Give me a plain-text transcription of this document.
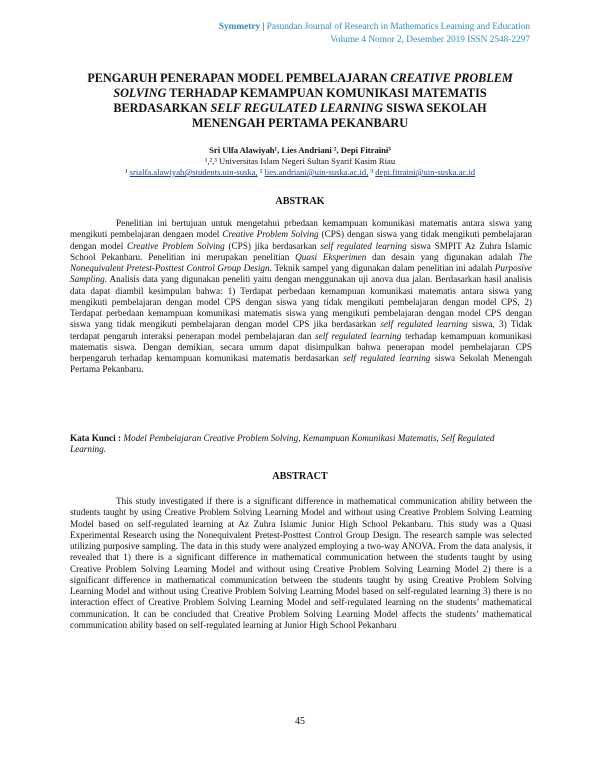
Symmetry | Pasundan Journal of Research in Mathematics Learning and Education
Volume 4 Nomor 2, Desember 2019 ISSN 2548-2297
PENGARUH PENERAPAN MODEL PEMBELAJARAN CREATIVE PROBLEM SOLVING TERHADAP KEMAMPUAN KOMUNIKASI MATEMATIS BERDASARKAN SELF REGULATED LEARNING SISWA SEKOLAH MENENGAH PERTAMA PEKANBARU
Sri Ulfa Alawiyah¹, Lies Andriani ², Depi Fitraini³
¹,²,³ Universitas Islam Negeri Sultan Syarif Kasim Riau
¹ srialfa.alawiyah@students.uin-suska, ² lies.andriani@uin-suska.ac.id, ³ depi.fitraini@uin-suska.ac.id
ABSTRAK
Penelitian ini bertujuan untuk mengetahui prbedaan kemampuan komunikasi matematis antara siswa yang mengikuti pembelajaran dengaen model Creative Problem Solving (CPS) dengan siswa yang tidak mengikuti pembelajaran dengan model Creative Problem Solving (CPS) jika berdasarkan self regulated learning siswa SMPIT Az Zuhra Islamic School Pekanbaru. Penelitian ini merupakan penelitian Quasi Eksperimen dan desain yang digunakan adalah The Nonequivalent Pretest-Posttest Control Group Design. Teknik sampel yang digunakan dalam penelitian ini adalah Purposive Sampling. Analisis data yang digunakan peneliti yaitu dengan menggunakan uji anova dua jalan. Berdasarkan hasil analisis data dapat diambil kesimpulan bahwa: 1) Terdapat perbedaan kemampuan komunikasi matematis antara siswa yang mengikuti pembelajaran dengan model CPS dengan siswa yang tidak mengikuti pembelajaran dengan model CPS, 2) Terdapat perbedaan kemampuan komunikasi matematis siswa yang mengikuti pembelajaran dengan model CPS dengan siswa yang tidak mengikuti pembelajaran dengan model CPS jika berdasarkan self regulated learning siswa, 3) Tidak terdapat pengaruh interaksi penerapan model pembelajaran dan self regulated learning terhadap kemampuan komunikasi matematis siswa. Dengan demikian, secara umum dapat disimpulkan bahwa penerapan model pembelajaran CPS berpengaruh terhadap kemampuan komunikasi matematis berdasarkan self regulated learning siswa Sekolah Menengah Pertama Pekanbaru.
Kata Kunci : Model Pembelajaran Creative Problem Solving, Kemampuan Komunikasi Matematis, Self Regulated Learning.
ABSTRACT
This study investigated if there is a significant difference in mathematical communication ability between the students taught by using Creative Problem Solving Learning Model and without using Creative Problem Solving Learning Model based on self-regulated learning at Az Zuhra Islamic Junior High School Pekanbaru. This study was a Quasi Experimental Research using the Nonequivalent Pretest-Posttest Control Group Design. The research sample was selected utilizing purposive sampling. The data in this study were analyzed employing a two-way ANOVA. From the data analysis, it revealed that 1) there is a significant difference in mathematical communication between the students taught by using Creative Problem Solving Learning Model and without using Creative Problem Solving Learning Model 2) there is a significant difference in mathematical communication between the students taught by using Creative Problem Solving Learning Model and without using Creative Problem Solving Learning Model based on self-regulated learning 3) there is no interaction effect of Creative Problem Solving Learning Model and self-regulated learning on the students’ mathematical communication. It can be concluded that Creative Problem Solving Learning Model affects the students’ mathematical communication ability based on self-regulated learning at Junior High School Pekanbaru
45
